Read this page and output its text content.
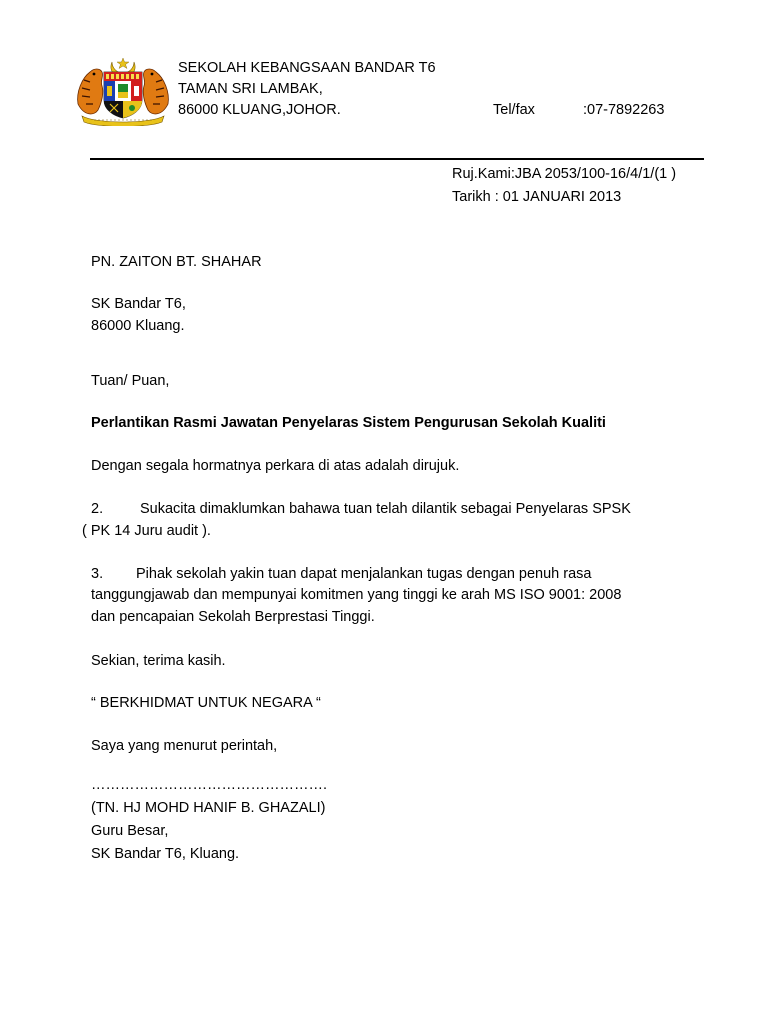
SEKOLAH KEBANGSAAN BANDAR T6
TAMAN SRI LAMBAK,
86000 KLUANG,JOHOR.	Tel/fax	:07-7892263
Ruj.Kami:JBA 2053/100-16/4/1/(1 )
Tarikh : 01 JANUARI 2013
PN. ZAITON BT. SHAHAR
SK Bandar T6,
86000 Kluang.
Tuan/ Puan,
Perlantikan Rasmi Jawatan Penyelaras Sistem Pengurusan Sekolah Kualiti
Dengan segala hormatnya perkara di atas adalah dirujuk.
2.	Sukacita dimaklumkan bahawa tuan telah dilantik sebagai Penyelaras SPSK
( PK 14 Juru audit ).
3. Pihak sekolah yakin tuan dapat menjalankan tugas dengan penuh rasa
tanggungjawab dan mempunyai komitmen yang tinggi ke arah MS ISO 9001: 2008
dan pencapaian Sekolah Berprestasi Tinggi.
Sekian, terima kasih.
“ BERKHIDMAT UNTUK NEGARA “
Saya yang menurut perintah,
………………………………………….
(TN. HJ MOHD HANIF B. GHAZALI)
Guru Besar,
SK Bandar T6, Kluang.
